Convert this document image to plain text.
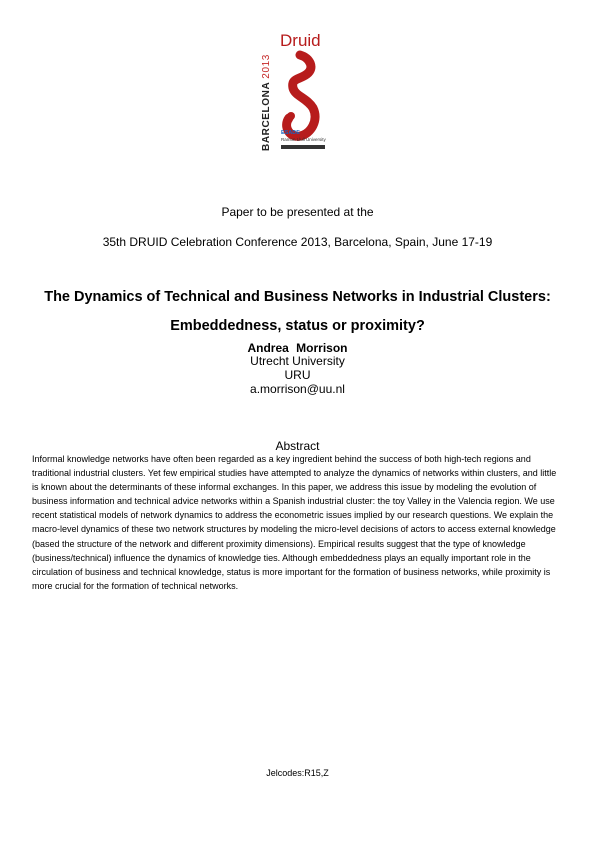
BARCELONA2013
Druid
ESADE
Ramon Llull University
Paper to be presented at the
35th DRUID Celebration Conference 2013, Barcelona, Spain, June 17-19
The Dynamics of Technical and Business Networks in Industrial Clusters:
Embeddedness, status or proximity?
Andrea Morrison
Utrecht University
URU
a.morrison@uu.nl
Abstract
Informal knowledge networks have often been regarded as a key ingredient behind the success of both high-tech regions and traditional industrial clusters. Yet few empirical studies have attempted to analyze the dynamics of networks within clusters, and little is known about the determinants of these informal exchanges. In this paper, we address this issue by modeling the evolution of business information and technical advice networks within a Spanish industrial cluster: the toy Valley in the Valencia region. We use recent statistical models of network dynamics to address the econometric issues implied by our research questions. We explain the macro-level dynamics of these two network structures by modeling the micro-level decisions of actors to access external knowledge (based the structure of the network and different proximity dimensions). Empirical results suggest that the type of knowledge (business/technical) influence the dynamics of knowledge ties. Although embeddedness plays an equally important role in the circulation of business and technical knowledge, status is more important for the formation of business networks, while proximity is more crucial for the formation of technical networks.
Jelcodes:R15,Z
